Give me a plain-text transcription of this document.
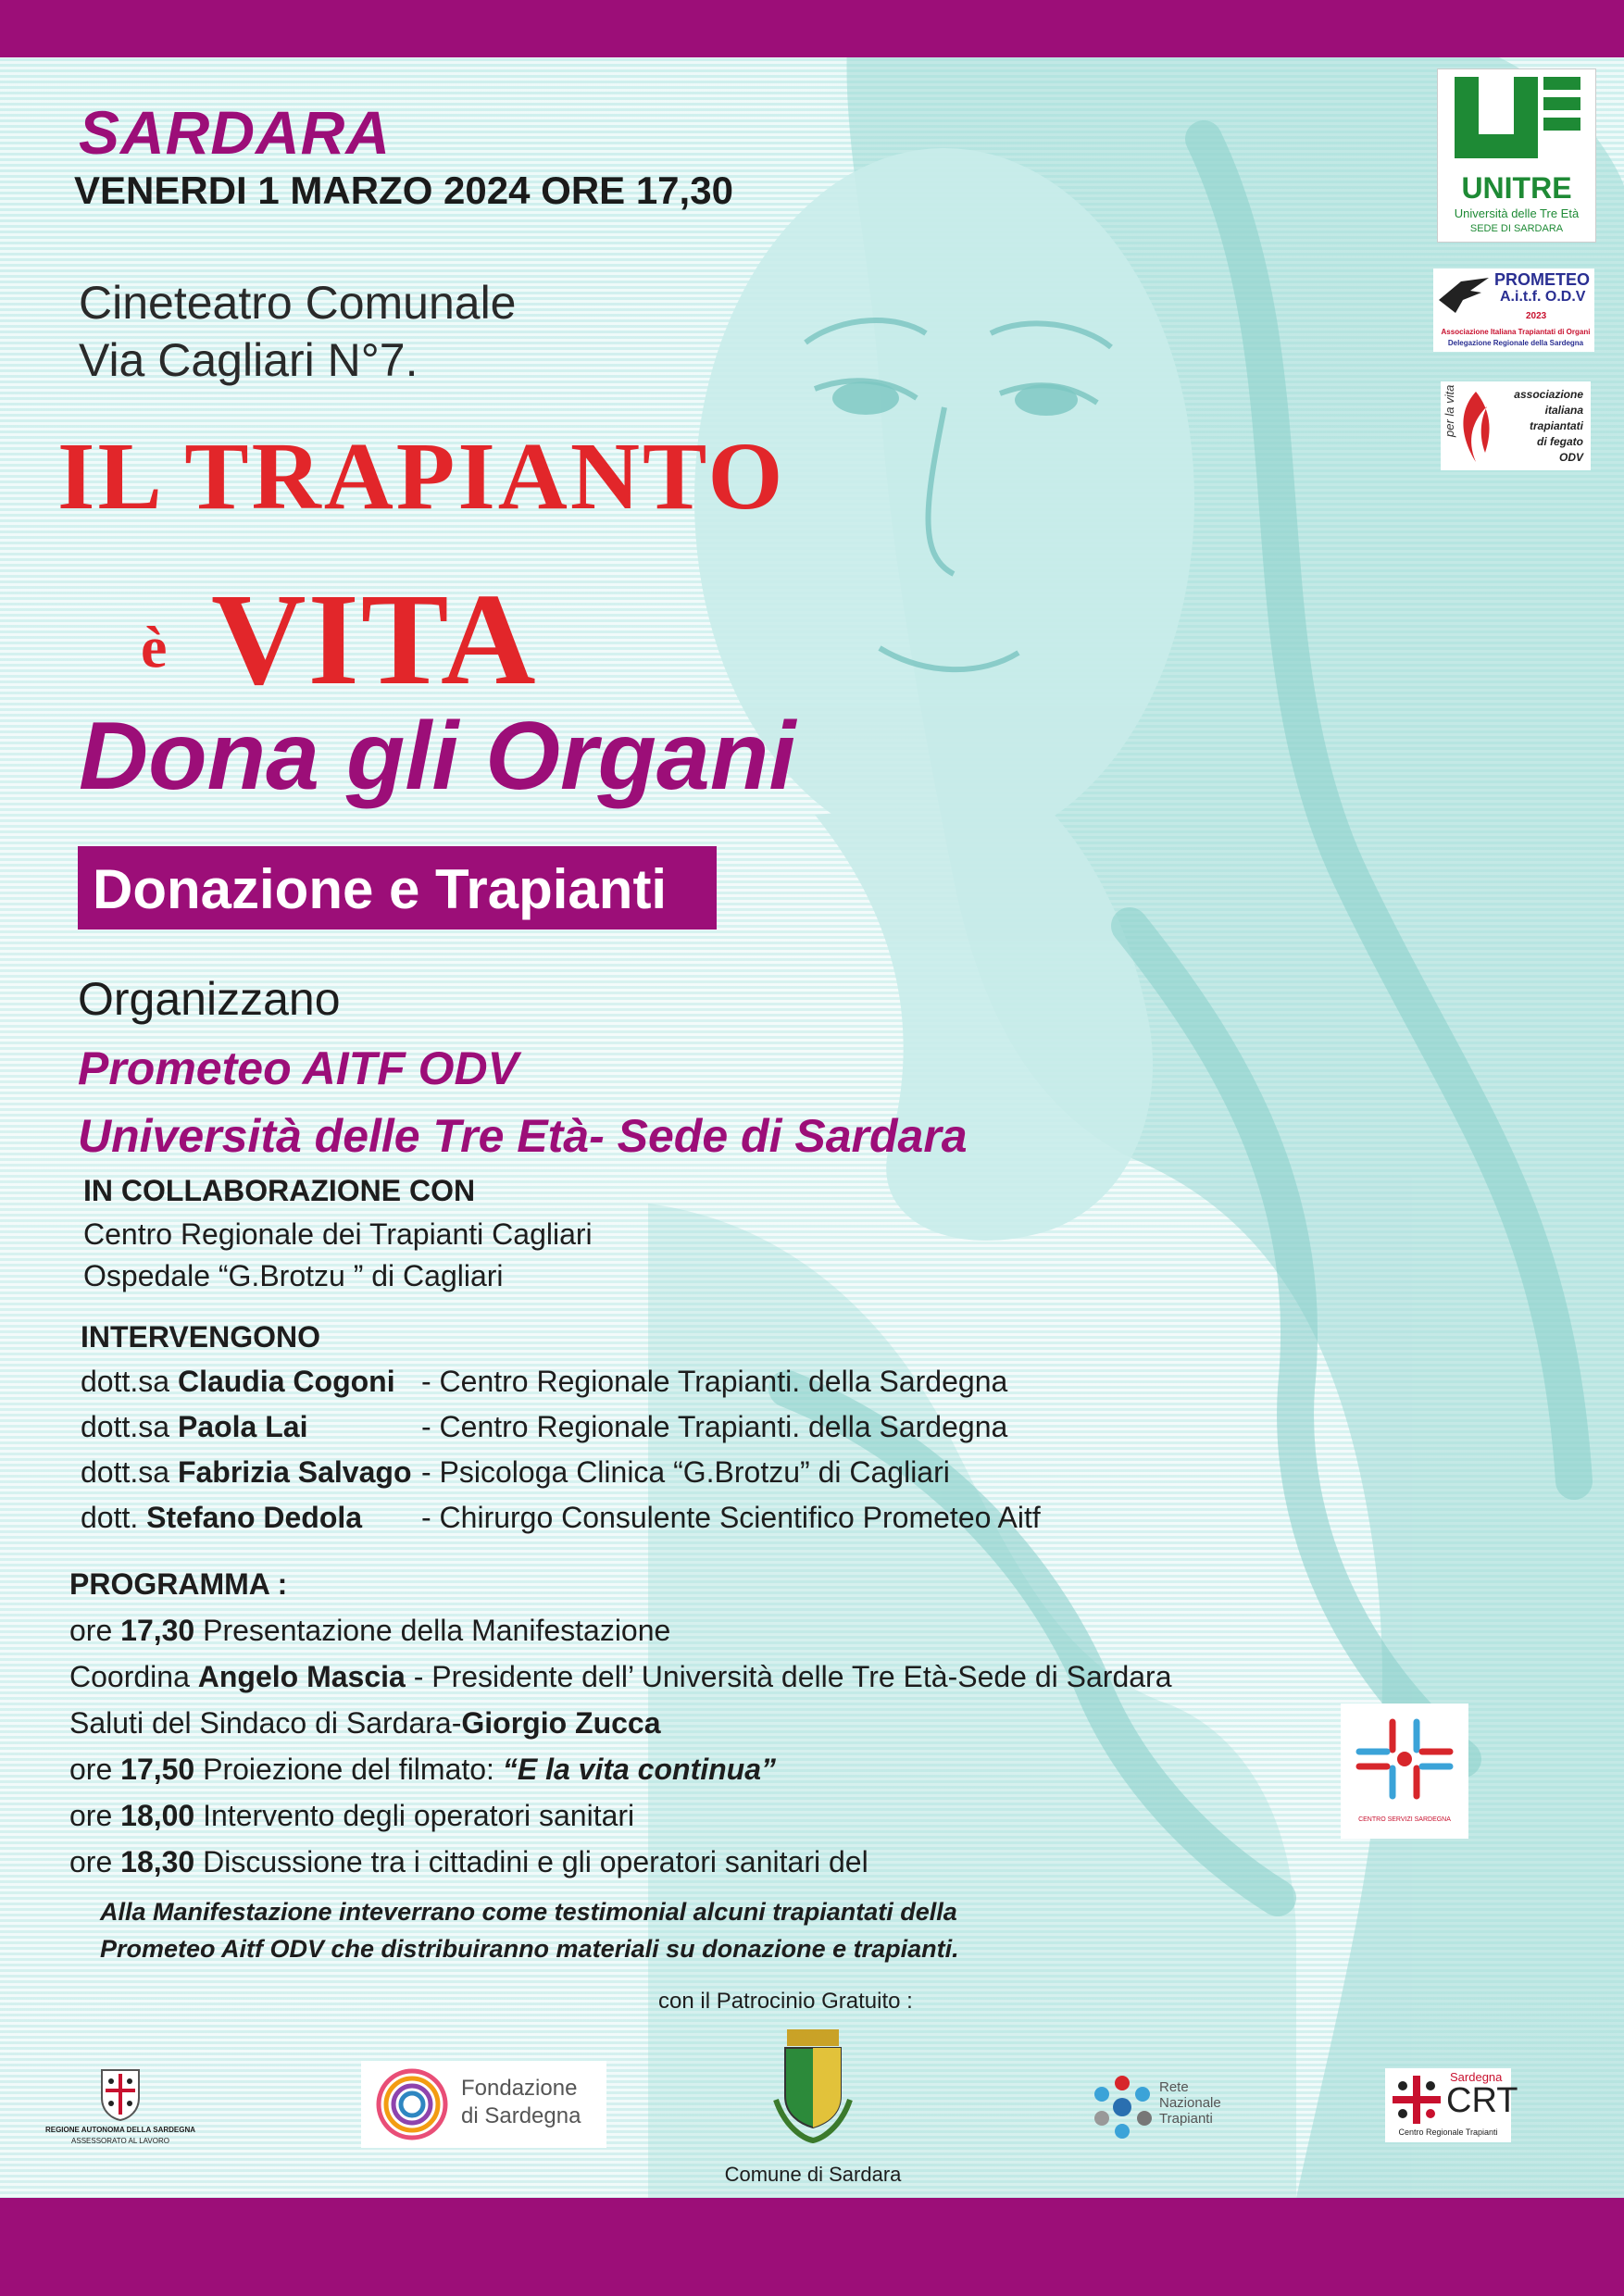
SARDARA
VENERDI 1 MARZO 2024 ORE 17,30
Cineteatro Comunale
Via Cagliari N°7.
IL TRAPIANTO
è VITA
Dona gli Organi
Donazione e Trapianti
Organizzano
Prometeo AITF ODV
Università delle Tre Età- Sede di Sardara
IN COLLABORAZIONE CON
Centro Regionale dei Trapianti Cagliari
Ospedale “G.Brotzu ” di Cagliari
INTERVENGONO
dott.sa Claudia Cogoni - Centro Regionale Trapianti. della Sardegna
dott.sa Paola Lai	- Centro Regionale Trapianti. della Sardegna
dott.sa Fabrizia Salvago - Psicologa Clinica “G.Brotzu” di Cagliari
dott. Stefano Dedola - Chirurgo Consulente Scientifico Prometeo Aitf
PROGRAMMA :
ore 17,30 Presentazione della Manifestazione
Coordina Angelo Mascia - Presidente dell’ Università delle Tre Età-Sede di Sardara
Saluti del Sindaco di Sardara-Giorgio Zucca
ore 17,50 Proiezione del filmato: “E la vita continua”
ore 18,00 Intervento degli operatori sanitari
ore 18,30 Discussione tra i cittadini e gli operatori sanitari del
Alla Manifestazione inteverrano come testimonial alcuni trapiantati della
Prometeo Aitf ODV che distribuiranno materiali su donazione e trapianti.
con il Patrocinio Gratuito :
UNITRE
Università delle Tre Età
SEDE DI SARDARA
PROMETEO
A.i.t.f. O.D.V
2023
Associazione Italiana Trapiantati di Organi
Delegazione Regionale della Sardegna
per la vita	associazione
italiana
trapiantati
di fegato
ODV
CENTRO SERVIZI SARDEGNA
REGIONE AUTONOMA DELLA SARDEGNA
ASSESSORATO AL LAVORO
Fondazione
di Sardegna
Comune di Sardara
Rete
Nazionale
Trapianti
Sardegna
CRT
Centro Regionale Trapianti
